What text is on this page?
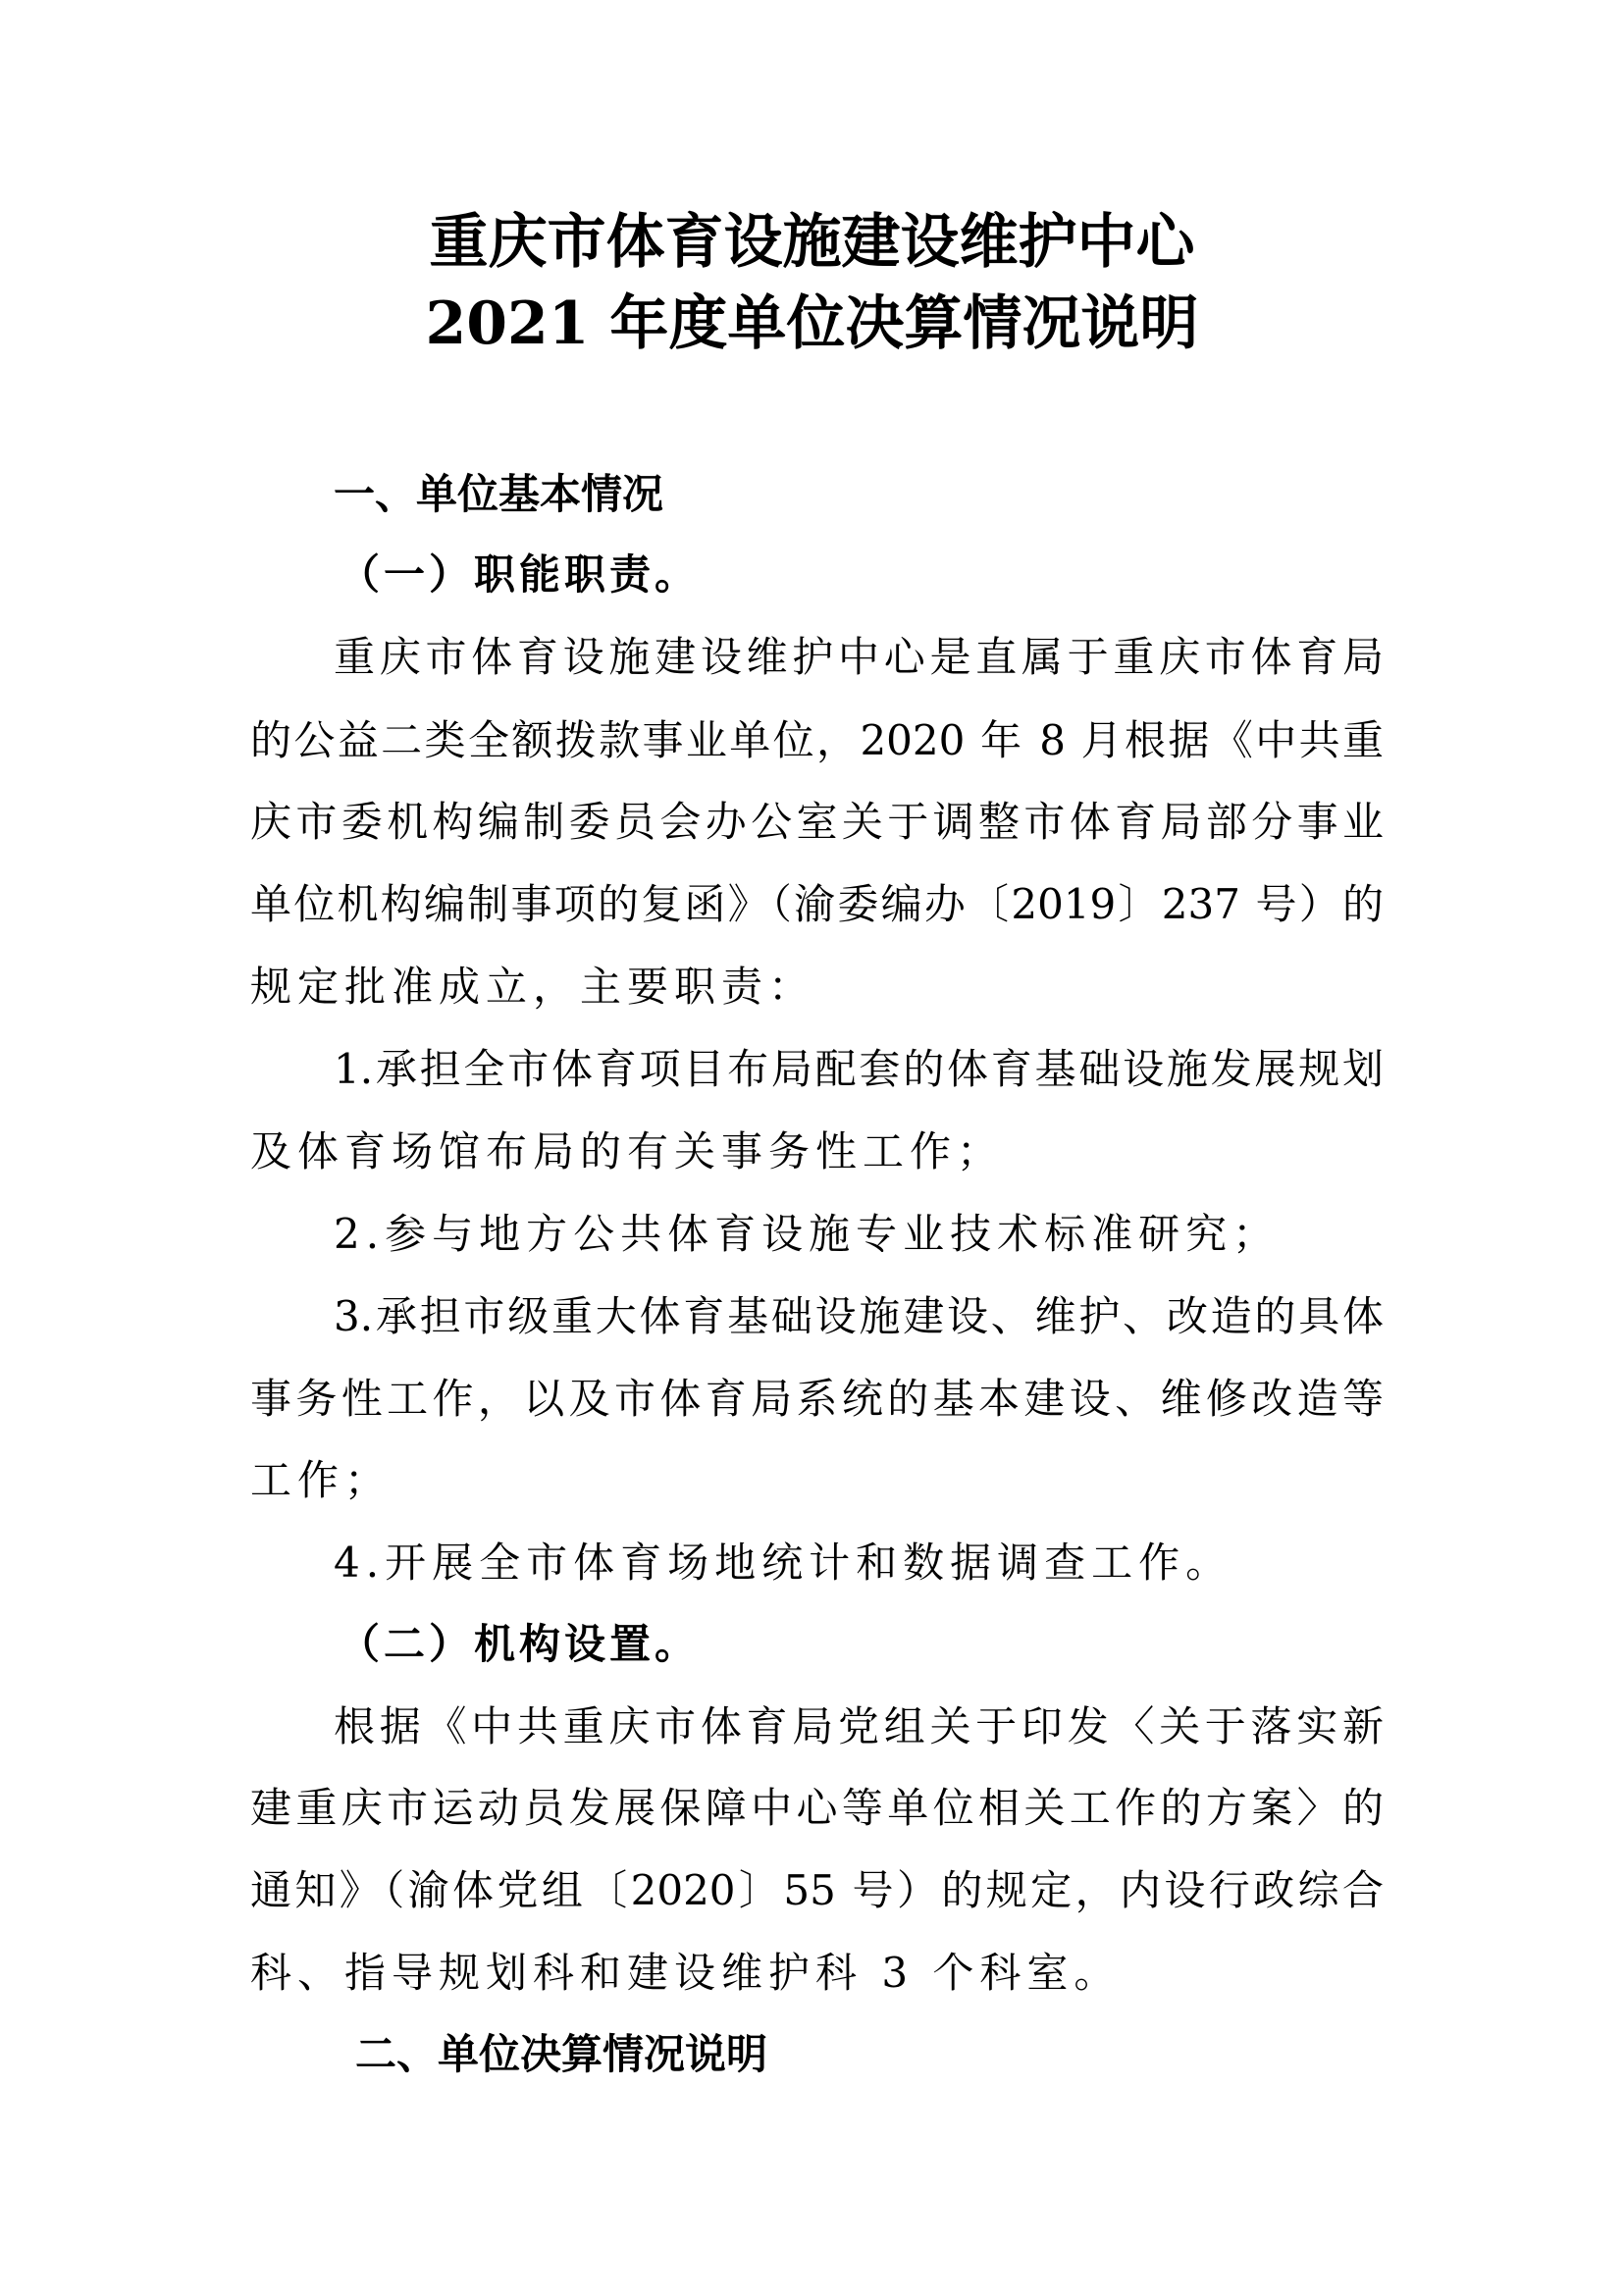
重庆市体育设施建设维护中心
2021 年度单位决算情况说明
一、单位基本情况
（一）职能职责。
重庆市体育设施建设维护中心是直属于重庆市体育局
的公益二类全额拨款事业单位，2020 年 8 月根据《中共重
庆市委机构编制委员会办公室关于调整市体育局部分事业
单位机构编制事项的复函》（渝委编办〔2019〕237 号）的
规定批准成立，主要职责：
1.承担全市体育项目布局配套的体育基础设施发展规划
及体育场馆布局的有关事务性工作；
2.参与地方公共体育设施专业技术标准研究；
3.承担市级重大体育基础设施建设、维护、改造的具体
事务性工作，以及市体育局系统的基本建设、维修改造等
工作；
4.开展全市体育场地统计和数据调查工作。
（二）机构设置。
根据《中共重庆市体育局党组关于印发〈关于落实新
建重庆市运动员发展保障中心等单位相关工作的方案〉的
通知》（渝体党组〔2020〕55 号）的规定，内设行政综合
科、指导规划科和建设维护科 3 个科室。
二、单位决算情况说明
